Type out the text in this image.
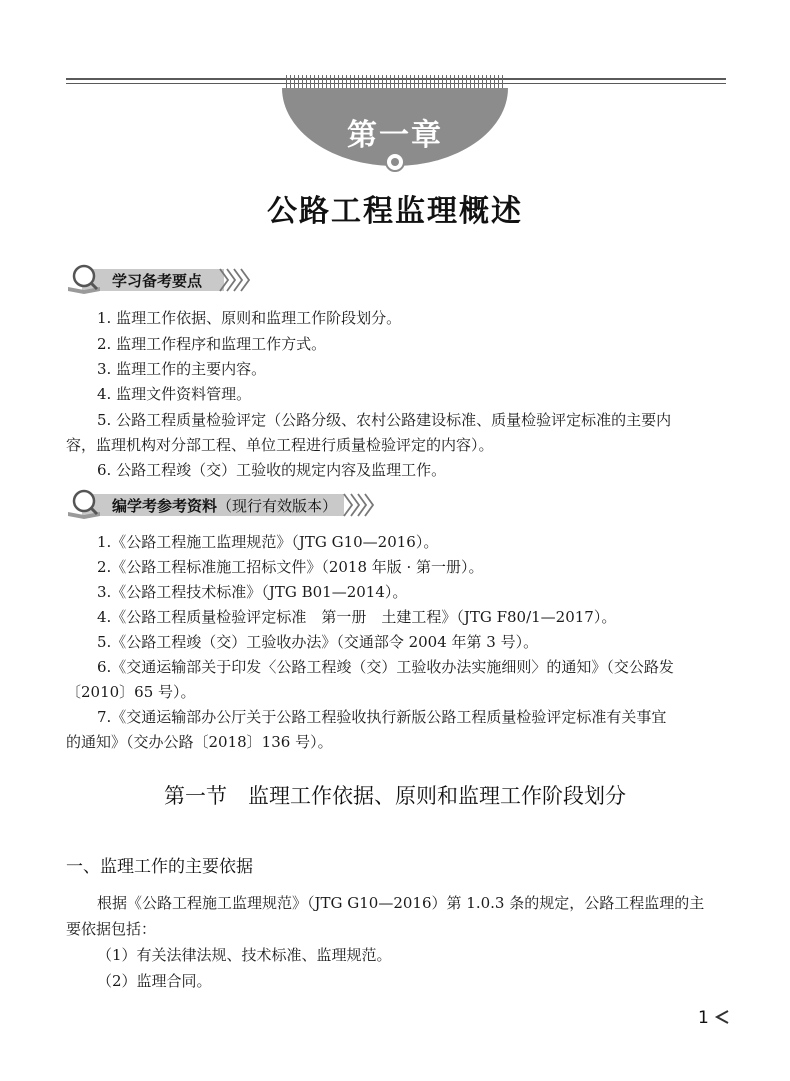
第一章
公路工程监理概述
学习备考要点
1. 监理工作依据、原则和监理工作阶段划分。
2. 监理工作程序和监理工作方式。
3. 监理工作的主要内容。
4. 监理文件资料管理。
5. 公路工程质量检验评定（公路分级、农村公路建设标准、质量检验评定标准的主要内
容，监理机构对分部工程、单位工程进行质量检验评定的内容）。
6. 公路工程竣（交）工验收的规定内容及监理工作。
编学考参考资料（现行有效版本）
1.《公路工程施工监理规范》（JTG G10—2016）。
2.《公路工程标准施工招标文件》（2018 年版 · 第一册）。
3.《公路工程技术标准》（JTG B01—2014）。
4.《公路工程质量检验评定标准　第一册　土建工程》（JTG F80/1—2017）。
5.《公路工程竣（交）工验收办法》（交通部令 2004 年第 3 号）。
6.《交通运输部关于印发〈公路工程竣（交）工验收办法实施细则〉的通知》（交公路发
〔2010〕65 号）。
7.《交通运输部办公厅关于公路工程验收执行新版公路工程质量检验评定标准有关事宜
的通知》（交办公路〔2018〕136 号）。
第一节　监理工作依据、原则和监理工作阶段划分
一、监理工作的主要依据
根据《公路工程施工监理规范》（JTG G10—2016）第 1.0.3 条的规定，公路工程监理的主
要依据包括：
（1）有关法律法规、技术标准、监理规范。
（2）监理合同。
1
